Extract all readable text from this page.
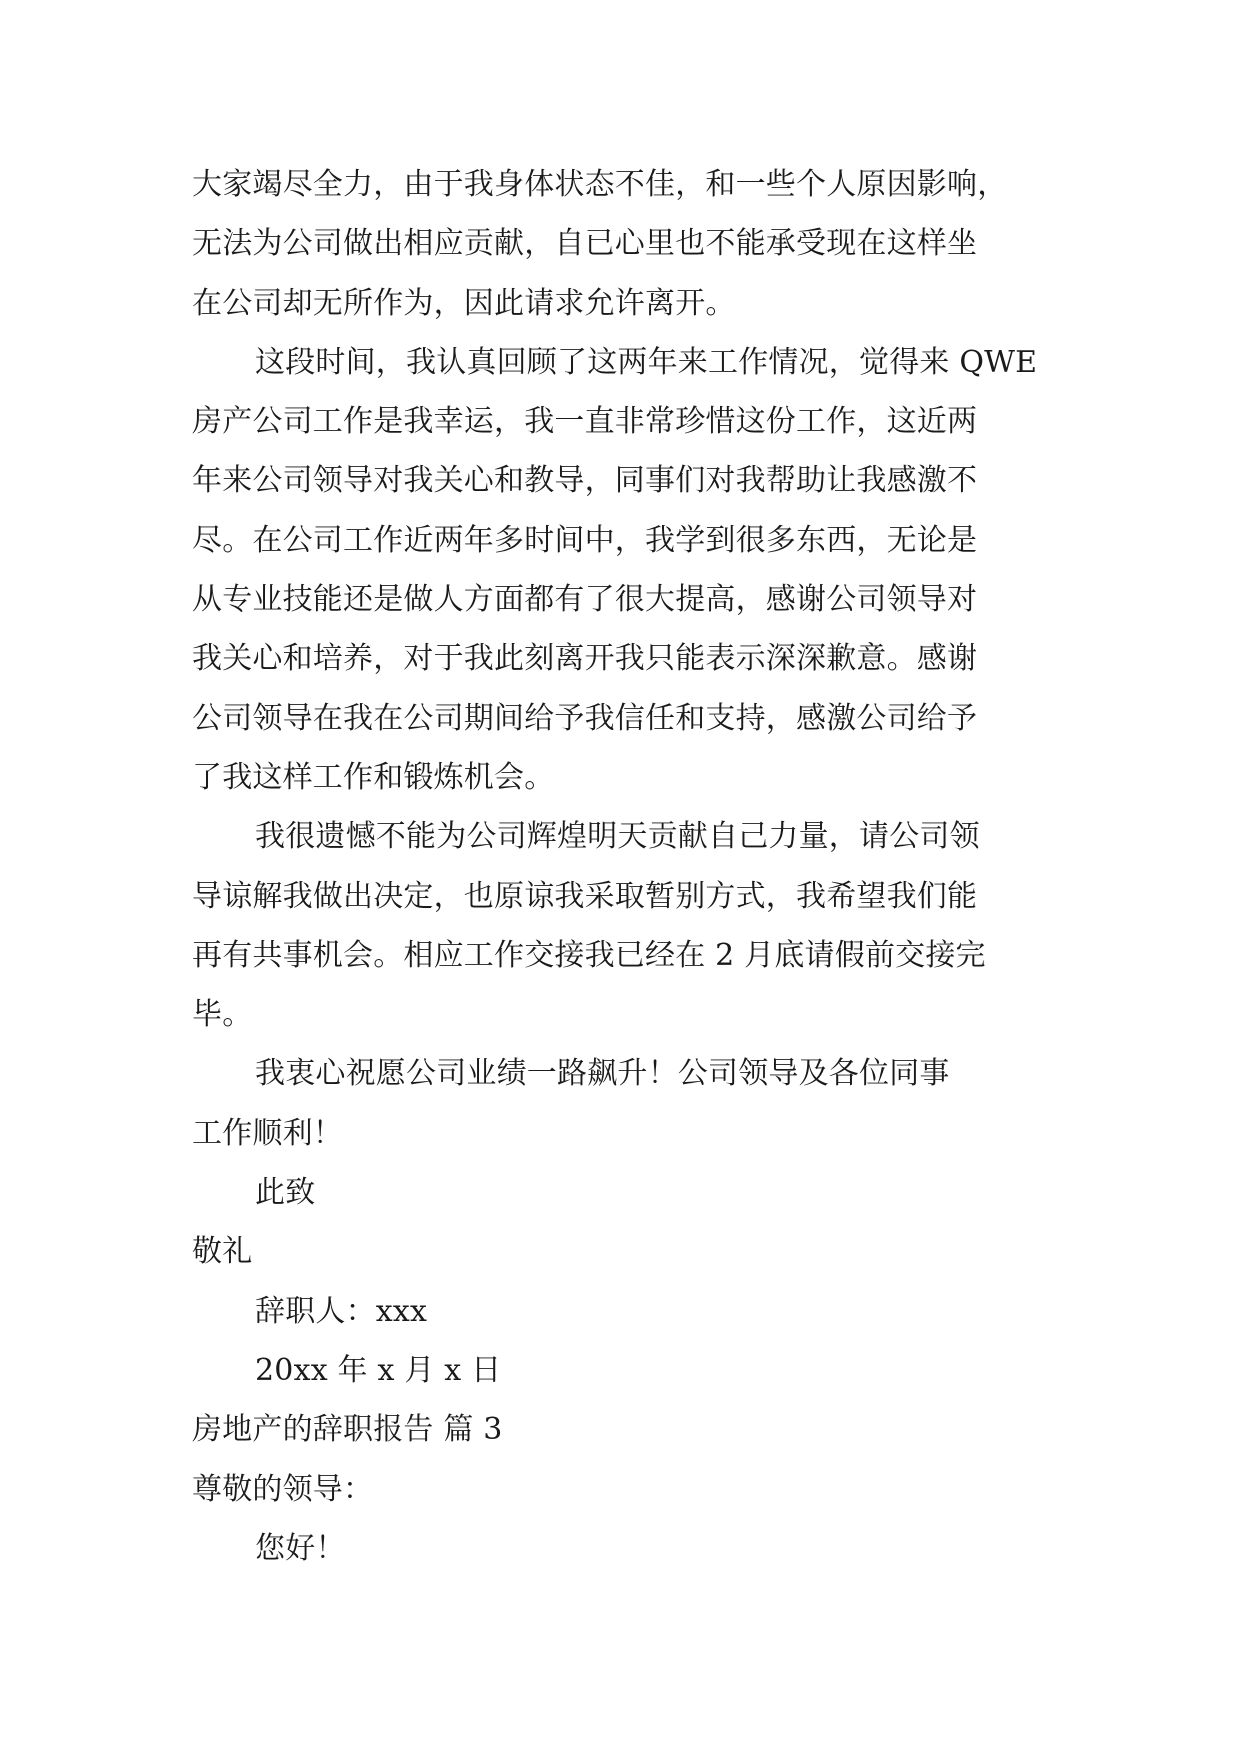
大家竭尽全力，由于我身体状态不佳，和一些个人原因影响，
无法为公司做出相应贡献，自已心里也不能承受现在这样坐
在公司却无所作为，因此请求允许离开。
这段时间，我认真回顾了这两年来工作情况，觉得来 QWE
房产公司工作是我幸运，我一直非常珍惜这份工作，这近两
年来公司领导对我关心和教导，同事们对我帮助让我感激不
尽。在公司工作近两年多时间中，我学到很多东西，无论是
从专业技能还是做人方面都有了很大提高，感谢公司领导对
我关心和培养，对于我此刻离开我只能表示深深歉意。感谢
公司领导在我在公司期间给予我信任和支持，感激公司给予
了我这样工作和锻炼机会。
我很遗憾不能为公司辉煌明天贡献自己力量，请公司领
导谅解我做出决定，也原谅我采取暂别方式，我希望我们能
再有共事机会。相应工作交接我已经在 2 月底请假前交接完
毕。
我衷心祝愿公司业绩一路飙升！公司领导及各位同事
工作顺利！
此致
敬礼
辞职人：xxx
20xx 年 x 月 x 日
房地产的辞职报告 篇 3
尊敬的领导：
您好！
